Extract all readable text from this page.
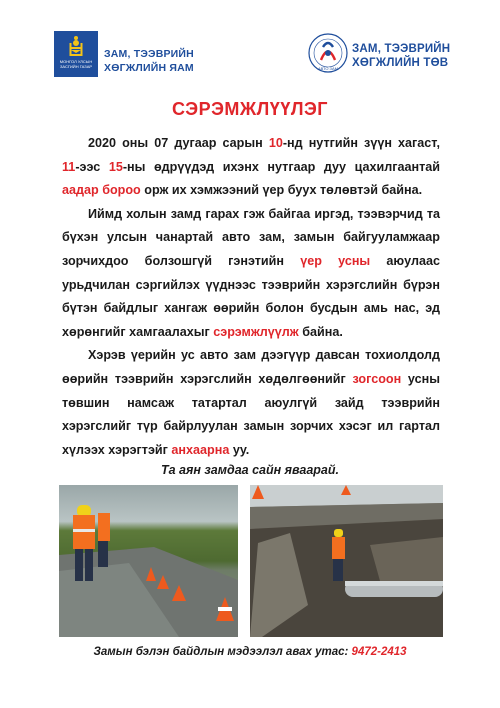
МОНГОЛ УЛСЫН ЗАСГИЙН ГАЗАР
ЗАМ, ТЭЭВРИЙН
ХӨГЖЛИЙН ЯАМ	АВТО ЗАМ
ЗАМ, ТЭЭВРИЙН
ХӨГЖЛИЙН ТӨВ
СЭРЭМЖЛҮҮЛЭГ

2020 оны 07 дугаар сарын 10-нд нутгийн зүүн хагаст, 11-ээс 15-ны өдрүүдэд ихэнх нутгаар дуу цахилгаантай аадар бороо орж их хэмжээний үер буух төлөвтэй байна.

Иймд холын замд гарах гэж байгаа иргэд, тээвэрчид та бүхэн улсын чанартай авто зам, замын байгууламжаар зорчихдоо болзошгүй гэнэтийн үер усны аюулаас урьдчилан сэргийлэх үүднээс тээврийн хэрэгслийн бүрэн бүтэн байдлыг хангаж өөрийн болон бусдын амь нас, эд хөрөнгийг хамгаалахыг сэрэмжлүүлж байна.

Хэрэв үерийн ус авто зам дээгүүр давсан тохиолдолд өөрийн тээврийн хэрэгслийн хөдөлгөөнийг зогсоон усны төвшин намсаж татартал аюулгүй зайд тээврийн хэрэгслийг түр байрлуулан замын зорчих хэсэг ил гартал хүлээх хэрэгтэйг анхаарна уу.

Та аян замдаа сайн яваарай.
Замын бэлэн байдлын мэдээлэл авах утас: 9472-2413
